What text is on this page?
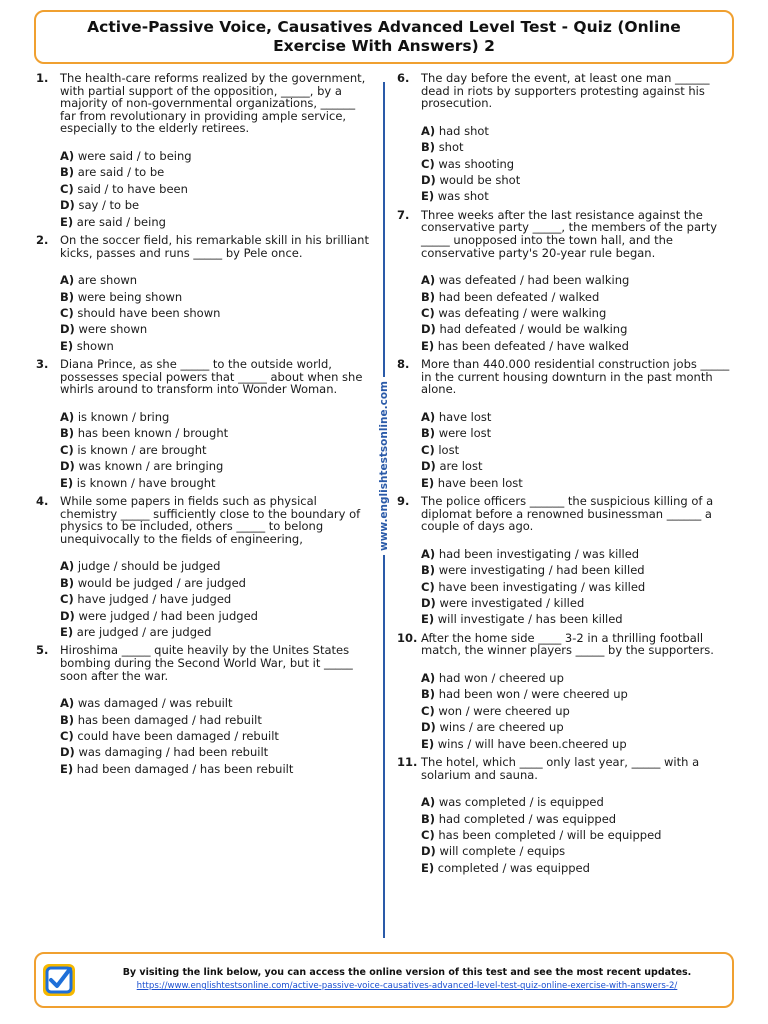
Active-Passive Voice, Causatives Advanced Level Test - Quiz (Online Exercise With Answers) 2
www.englishtestsonline.com
1. The health-care reforms realized by the government, with partial support of the opposition, _____, by a majority of non-governmental organizations, ______ far from revolutionary in providing ample service, especially to the elderly retirees.
A) were said / to being
B) are said / to be
C) said / to have been
D) say / to be
E) are said / being
2. On the soccer field, his remarkable skill in his brilliant kicks, passes and runs _____ by Pele once.
A) are shown
B) were being shown
C) should have been shown
D) were shown
E) shown
3. Diana Prince, as she _____ to the outside world, possesses special powers that _____ about when she whirls around to transform into Wonder Woman.
A) is known / bring
B) has been known / brought
C) is known / are brought
D) was known / are bringing
E) is known / have brought
4. While some papers in fields such as physical chemistry _____ sufficiently close to the boundary of physics to be included, others _____ to belong unequivocally to the fields of engineering,
A) judge / should be judged
B) would be judged / are judged
C) have judged / have judged
D) were judged / had been judged
E) are judged / are judged
5. Hiroshima _____ quite heavily by the Unites States bombing during the Second World War, but it _____ soon after the war.
A) was damaged / was rebuilt
B) has been damaged / had rebuilt
C) could have been damaged / rebuilt
D) was damaging / had been rebuilt
E) had been damaged / has been rebuilt
6. The day before the event, at least one man ______ dead in riots by supporters protesting against his prosecution.
A) had shot
B) shot
C) was shooting
D) would be shot
E) was shot
7. Three weeks after the last resistance against the conservative party _____, the members of the party _____ unopposed into the town hall, and the conservative party's 20-year rule began.
A) was defeated / had been walking
B) had been defeated / walked
C) was defeating / were walking
D) had defeated / would be walking
E) has been defeated / have walked
8. More than 440.000 residential construction jobs _____ in the current housing downturn in the past month alone.
A) have lost
B) were lost
C) lost
D) are lost
E) have been lost
9. The police officers ______ the suspicious killing of a diplomat before a renowned businessman ______ a couple of days ago.
A) had been investigating / was killed
B) were investigating / had been killed
C) have been investigating / was killed
D) were investigated / killed
E) will investigate / has been killed
10. After the home side ____ 3-2 in a thrilling football match, the winner players _____ by the supporters.
A) had won / cheered up
B) had been won / were cheered up
C) won / were cheered up
D) wins / are cheered up
E) wins / will have been.cheered up
11. The hotel, which ____ only last year, _____ with a solarium and sauna.
A) was completed / is equipped
B) had completed / was equipped
C) has been completed / will be equipped
D) will complete / equips
E) completed / was equipped
By visiting the link below, you can access the online version of this test and see the most recent updates.
https://www.englishtestsonline.com/active-passive-voice-causatives-advanced-level-test-quiz-online-exercise-with-answers-2/
